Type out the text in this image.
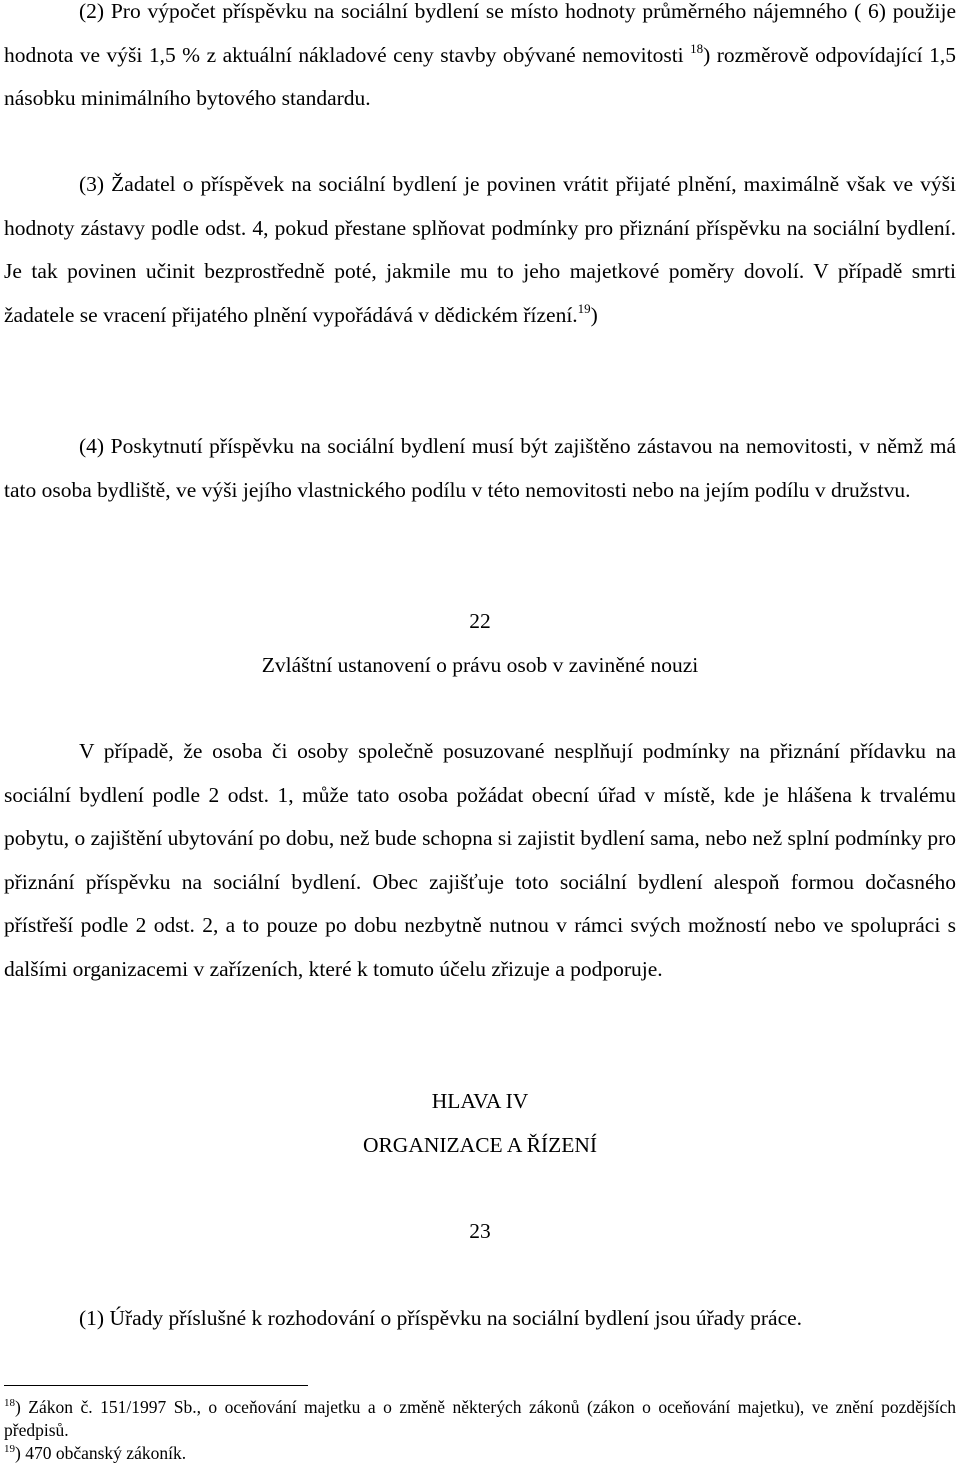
(2) Pro výpočet příspěvku na sociální bydlení se místo hodnoty průměrného nájemného ( 6) použije hodnota ve výši 1,5 % z aktuální nákladové ceny stavby obývané nemovitosti $^{18}$) rozměrově odpovídající 1,5 násobku minimálního bytového standardu.

(3) Žadatel o příspěvek na sociální bydlení je povinen vrátit přijaté plnění, maximálně však ve výši hodnoty zástavy podle odst. 4, pokud přestane splňovat podmínky pro přiznání příspěvku na sociální bydlení. Je tak povinen učinit bezprostředně poté, jakmile mu to jeho majetkové poměry dovolí. V případě smrti žadatele se vracení přijatého plnění vypořádává v dědickém řízení.$^{19}$)

(4) Poskytnutí příspěvku na sociální bydlení musí být zajištěno zástavou na nemovitosti, v němž má tato osoba bydliště, ve výši jejího vlastnického podílu v této nemovitosti nebo na jejím podílu v družstvu.

22

Zvláštní ustanovení o právu osob v zaviněné nouzi

V případě, že osoba či osoby společně posuzované nesplňují podmínky na přiznání přídavku na sociální bydlení podle 2 odst. 1, může tato osoba požádat obecní úřad v místě, kde je hlášena k trvalému pobytu, o zajištění ubytování po dobu, než bude schopna si zajistit bydlení sama, nebo než splní podmínky pro přiznání příspěvku na sociální bydlení. Obec zajišťuje toto sociální bydlení alespoň formou dočasného přístřeší podle 2 odst. 2, a to pouze po dobu nezbytně nutnou v rámci svých možností nebo ve spolupráci s dalšími organizacemi v zařízeních, které k tomuto účelu zřizuje a podporuje.

HLAVA IV

ORGANIZACE A ŘÍZENÍ

23

(1) Úřady příslušné k rozhodování o příspěvku na sociální bydlení jsou úřady práce.

$^{18}$) Zákon č. 151/1997 Sb., o oceňování majetku a o změně některých zákonů (zákon o oceňování majetku), ve znění pozdějších předpisů.

$^{19}$) 470 občanský zákoník.
